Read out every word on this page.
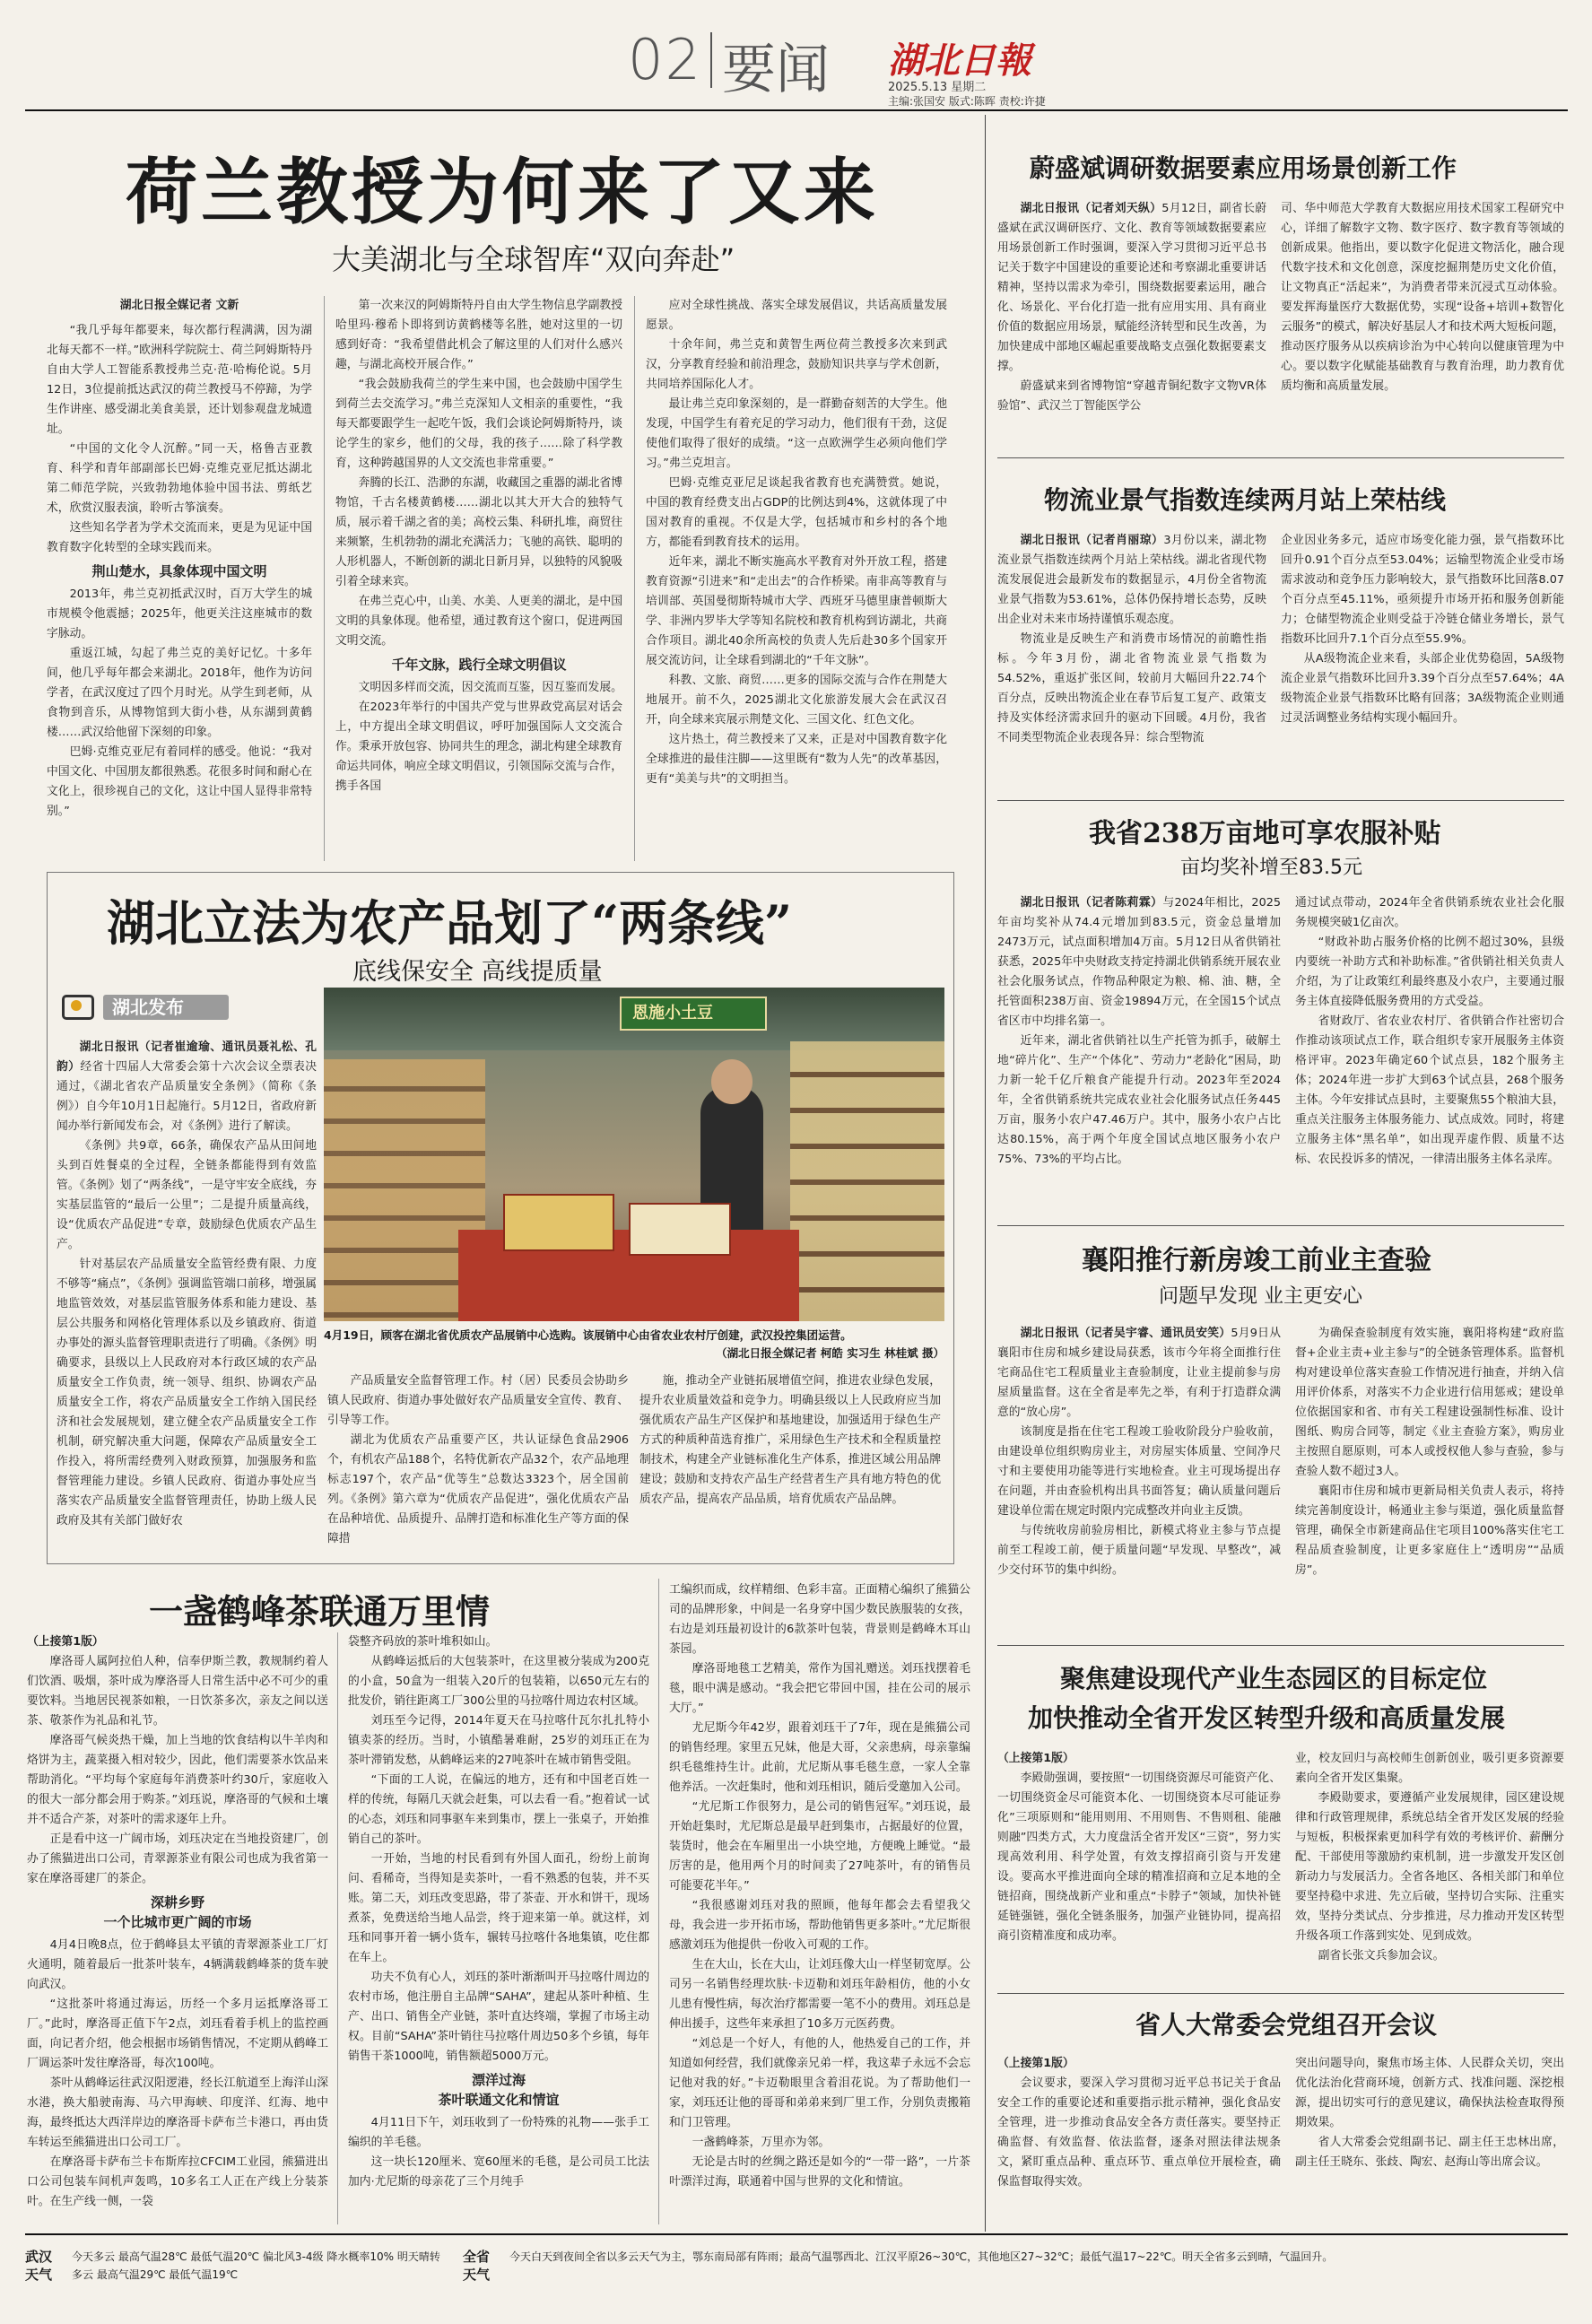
02 要闻 湖北日報
2025.5.13 星期二
主编:张国安 版式:陈晖 责校:许捷
荷兰教授为何来了又来
大美湖北与全球智库“双向奔赴”

湖北日报全媒记者 文新

“我几乎每年都要来，每次都行程满满，因为湖北每天都不一样。”欧洲科学院院士、荷兰阿姆斯特丹自由大学人工智能系教授弗兰克·范·哈梅伦说。5月12日，3位提前抵达武汉的荷兰教授马不停蹄，为学生作讲座、感受湖北美食美景，还计划参观盘龙城遗址。

“中国的文化令人沉醉。”同一天，格鲁吉亚教育、科学和青年部副部长巴姆·克维克亚尼抵达湖北第二师范学院，兴致勃勃地体验中国书法、剪纸艺术，欣赏汉服表演，聆听古筝演奏。

这些知名学者为学术交流而来，更是为见证中国教育数字化转型的全球实践而来。

荆山楚水，具象体现中国文明

2013年，弗兰克初抵武汉时，百万大学生的城市规模令他震撼；2025年，他更关注这座城市的数字脉动。

重返江城，勾起了弗兰克的美好记忆。十多年间，他几乎每年都会来湖北。2018年，他作为访问学者，在武汉度过了四个月时光。从学生到老师，从食物到音乐，从博物馆到大街小巷，从东湖到黄鹤楼……武汉给他留下深刻的印象。

巴姆·克维克亚尼有着同样的感受。他说：“我对中国文化、中国朋友都很熟悉。花很多时间和耐心在文化上，很珍视自己的文化，这让中国人显得非常特别。”

第一次来汉的阿姆斯特丹自由大学生物信息学副教授哈里玛·穆希卜即将到访黄鹤楼等名胜，她对这里的一切感到好奇：“我希望借此机会了解这里的人们对什么感兴趣，与湖北高校开展合作。”

“我会鼓励我荷兰的学生来中国，也会鼓励中国学生到荷兰去交流学习。”弗兰克深知人文相亲的重要性，“我每天都要跟学生一起吃午饭，我们会谈论阿姆斯特丹，谈论学生的家乡，他们的父母，我的孩子……除了科学教育，这种跨越国界的人文交流也非常重要。”

奔腾的长江、浩渺的东湖，收藏国之重器的湖北省博物馆，千古名楼黄鹤楼……湖北以其大开大合的独特气质，展示着千湖之省的美；高校云集、科研扎堆，商贸往来频繁，生机勃勃的湖北充满活力；飞驰的高铁、聪明的人形机器人，不断创新的湖北日新月异，以独特的风貌吸引着全球来宾。

在弗兰克心中，山美、水美、人更美的湖北，是中国文明的具象体现。他希望，通过教育这个窗口，促进两国文明交流。

千年文脉，践行全球文明倡议

文明因多样而交流，因交流而互鉴，因互鉴而发展。

在2023年举行的中国共产党与世界政党高层对话会上，中方提出全球文明倡议，呼吁加强国际人文交流合作。秉承开放包容、协同共生的理念，湖北构建全球教育命运共同体，响应全球文明倡议，引领国际交流与合作，携手各国

应对全球性挑战、落实全球发展倡议，共话高质量发展愿景。

十余年间，弗兰克和黄智生两位荷兰教授多次来到武汉，分享教育经验和前沿理念，鼓励知识共享与学术创新，共同培养国际化人才。

最让弗兰克印象深刻的，是一群勤奋刻苦的大学生。他发现，中国学生有着充足的学习动力，他们很有干劲，这促使他们取得了很好的成绩。“这一点欧洲学生必须向他们学习。”弗兰克坦言。

巴姆·克维克亚尼足谈起我省教育也充满赞赏。她说，中国的教育经费支出占GDP的比例达到4%，这就体现了中国对教育的重视。不仅是大学，包括城市和乡村的各个地方，都能看到教育技术的运用。

近年来，湖北不断实施高水平教育对外开放工程，搭建教育资源“引进来”和“走出去”的合作桥梁。南非高等教育与培训部、英国曼彻斯特城市大学、西班牙马德里康普顿斯大学、非洲内罗毕大学等知名院校和教育机构到访湖北，共商合作项目。湖北40余所高校的负责人先后赴30多个国家开展交流访问，让全球看到湖北的“千年文脉”。

科教、文旅、商贸……更多的国际交流与合作在荆楚大地展开。前不久，2025湖北文化旅游发展大会在武汉召开，向全球来宾展示荆楚文化、三国文化、红色文化。

这片热土，荷兰教授来了又来，正是对中国教育数字化全球推进的最佳注脚——这里既有“数为人先”的改革基因，更有“美美与共”的文明担当。

湖北立法为农产品划了“两条线”
底线保安全 高线提质量
湖北发布

湖北日报讯（记者崔逾瑜、通讯员聂礼松、孔韵）经省十四届人大常委会第十六次会议全票表决通过，《湖北省农产品质量安全条例》（简称《条例》）自今年10月1日起施行。5月12日，省政府新闻办举行新闻发布会，对《条例》进行了解读。

《条例》共9章，66条，确保农产品从田间地头到百姓餐桌的全过程，全链条都能得到有效监管。《条例》划了“两条线”，一是守牢安全底线，夯实基层监管的“最后一公里”；二是提升质量高线，设“优质农产品促进”专章，鼓励绿色优质农产品生产。

针对基层农产品质量安全监管经费有限、力度不够等“痛点”，《条例》强调监管端口前移，增强属地监管效效，对基层监管服务体系和能力建设、基层公共服务和网格化管理体系以及乡镇政府、街道办事处的源头监督管理职责进行了明确。《条例》明确要求，县级以上人民政府对本行政区域的农产品质量安全工作负责，统一领导、组织、协调农产品质量安全工作，将农产品质量安全工作纳入国民经济和社会发展规划，建立健全农产品质量安全工作机制，研究解决重大问题，保障农产品质量安全工作投入，将所需经费列入财政预算，加强服务和监督管理能力建设。乡镇人民政府、街道办事处应当落实农产品质量安全监督管理责任，协助上级人民政府及其有关部门做好农

恩施小土豆
4月19日，顾客在湖北省优质农产品展销中心选购。该展销中心由省农业农村厅创建，武汉投控集团运营。
（湖北日报全媒记者 柯皓 实习生 林桂斌 摄）

产品质量安全监督管理工作。村（居）民委员会协助乡镇人民政府、街道办事处做好农产品质量安全宣传、教育、引导等工作。

湖北为优质农产品重要产区，共认证绿色食品2906个，有机农产品188个，名特优新农产品32个，农产品地理标志197个，农产品“优等生”总数达3323个，居全国前列。《条例》第六章为“优质农产品促进”，强化优质农产品在品种培优、品质提升、品牌打造和标准化生产等方面的保障措

施，推动全产业链拓展增值空间，推进农业绿色发展，提升农业质量效益和竞争力。明确县级以上人民政府应当加强优质农产品生产区保护和基地建设，加强适用于绿色生产方式的种质种苗选育推广，采用绿色生产技术和全程质量控制技术，构建全产业链标准化生产体系，推进区域公用品牌建设；鼓励和支持农产品生产经营者生产具有地方特色的优质农产品，提高农产品品质，培育优质农产品品牌。

一盏鹤峰茶联通万里情

（上接第1版）

摩洛哥人属阿拉伯人种，信奉伊斯兰教，教规制约着人们饮酒、吸烟，茶叶成为摩洛哥人日常生活中必不可少的重要饮料。当地居民视茶如粮，一日饮茶多次，亲友之间以送茶、敬茶作为礼品和礼节。

摩洛哥气候炎热干燥，加上当地的饮食结构以牛羊肉和烙饼为主，蔬菜摄入相对较少，因此，他们需要茶水饮品来帮助消化。“平均每个家庭每年消费茶叶约30斤，家庭收入的很大一部分都会用于购茶。”刘珏说，摩洛哥的气候和土壤并不适合产茶，对茶叶的需求逐年上升。

正是看中这一广阔市场，刘珏决定在当地投资建厂，创办了熊猫进出口公司，青翠源茶业有限公司也成为我省第一家在摩洛哥建厂的茶企。

深耕乡野

一个比城市更广阔的市场

4月4日晚8点，位于鹤峰县太平镇的青翠源茶业工厂灯火通明，随着最后一批茶叶装车，4辆满载鹤峰茶的货车驶向武汉。

“这批茶叶将通过海运，历经一个多月运抵摩洛哥工厂。”此时，摩洛哥正值下午2点，刘珏看着手机上的监控画面，向记者介绍，他会根据市场销售情况，不定期从鹤峰工厂调运茶叶发往摩洛哥，每次100吨。

茶叶从鹤峰运往武汉阳逻港，经长江航道至上海洋山深水港，换大船驶南海、马六甲海峡、印度洋、红海、地中海，最终抵达大西洋岸边的摩洛哥卡萨布兰卡港口，再由货车转运至熊猫进出口公司工厂。

在摩洛哥卡萨布兰卡布斯库拉CFCIM工业园，熊猫进出口公司包装车间机声轰鸣，10多名工人正在产线上分装茶叶。在生产线一侧，一袋

袋整齐码放的茶叶堆积如山。

从鹤峰运抵后的大包装茶叶，在这里被分装成为200克的小盒，50盒为一组装入20斤的包装箱，以650元左右的批发价，销往距离工厂300公里的马拉喀什周边农村区域。

刘珏至今记得，2014年夏天在马拉喀什瓦尔扎扎特小镇卖茶的经历。当时，小镇酷暑难耐，25岁的刘珏正在为茶叶滞销发愁，从鹤峰运来的27吨茶叶在城市销售受阻。

“下面的工人说，在偏远的地方，还有和中国老百姓一样的传统，每隔几天就会赶集，可以去看一看。”抱着试一试的心态，刘珏和同事驱车来到集市，摆上一张桌子，开始推销自己的茶叶。

一开始，当地的村民看到有外国人面孔，纷纷上前询问、看稀奇，当得知是卖茶叶，一看不熟悉的包装，并不买账。第二天，刘珏改变思路，带了茶壶、开水和饼干，现场煮茶，免费送给当地人品尝，终于迎来第一单。就这样，刘珏和同事开着一辆小货车，辗转马拉喀什各地集镇，吃住都在车上。

功夫不负有心人，刘珏的茶叶渐渐叫开马拉喀什周边的农村市场，他注册自主品牌“SAHA”，建起从茶叶种植、生产、出口、销售全产业链，茶叶直达终端，掌握了市场主动权。目前“SAHA”茶叶销往马拉喀什周边50多个乡镇，每年销售干茶1000吨，销售额超5000万元。

漂洋过海

茶叶联通文化和情谊

4月11日下午，刘珏收到了一份特殊的礼物——张手工编织的羊毛毯。

这一块长120厘米、宽60厘米的毛毯，是公司员工比法加内·尤尼斯的母亲花了三个月纯手

工编织而成，纹样精细、色彩丰富。正面精心编织了熊猫公司的品牌形象，中间是一名身穿中国少数民族服装的女孩，右边是刘珏最初设计的6款茶叶包装，背景则是鹤峰木耳山茶园。

摩洛哥地毯工艺精美，常作为国礼赠送。刘珏找摆着毛毯，眼中满是感动。“我会把它带回中国，挂在公司的展示大厅。”

尤尼斯今年42岁，跟着刘珏干了7年，现在是熊猫公司的销售经理。家里五兄妹，他是大哥，父亲患病，母亲靠编织毛毯维持生计。此前，尤尼斯从事毛毯生意，一家人全靠他养活。一次赶集时，他和刘珏相识，随后受邀加入公司。

“尤尼斯工作很努力，是公司的销售冠军。”刘珏说，最开始赶集时，尤尼斯总是最早赶到集市，占据最好的位置，装货时，他会在车厢里出一小块空地，方便晚上睡觉。“最厉害的是，他用两个月的时间卖了27吨茶叶，有的销售员可能要花半年。”

“我很感谢刘珏对我的照顾，他每年都会去看望我父母，我会进一步开拓市场，帮助他销售更多茶叶。”尤尼斯很感激刘珏为他提供一份收入可观的工作。

生在大山，长在大山，让刘珏像大山一样坚韧宽厚。公司另一名销售经理坎肤·卡迈勒和刘珏年龄相仿，他的小女儿患有慢性病，每次治疗都需要一笔不小的费用。刘珏总是伸出援手，这些年来承担了10多万元医药费。

“刘总是一个好人，有他的人，他热爱自己的工作，并知道如何经营，我们就像亲兄弟一样，我这辈子永远不会忘记他对我的好。”卡迈勒眼里含着泪花说。为了帮助他们一家，刘珏还让他的哥哥和弟弟来到厂里工作，分别负责搬箱和门卫管理。

一盏鹤峰茶，万里亦为邻。

无论是古时的丝绸之路还是如今的“一带一路”，一片茶叶漂洋过海，联通着中国与世界的文化和情谊。

蔚盛斌调研数据要素应用场景创新工作

湖北日报讯（记者刘天纵）5月12日，副省长蔚盛斌在武汉调研医疗、文化、教育等领域数据要素应用场景创新工作时强调，要深入学习贯彻习近平总书记关于数字中国建设的重要论述和考察湖北重要讲话精神，坚持以需求为牵引，围绕数据要素运用，融合化、场景化、平台化打造一批有应用实用、具有商业价值的数据应用场景，赋能经济转型和民生改善，为加快建成中部地区崛起重要战略支点强化数据要素支撑。

蔚盛斌来到省博物馆“穿越青铜纪数字文物VR体验馆”、武汉兰丁智能医学公

司、华中师范大学教育大数据应用技术国家工程研究中心，详细了解数字文物、数字医疗、数字教育等领域的创新成果。他指出，要以数字化促进文物活化，融合现代数字技术和文化创意，深度挖掘荆楚历史文化价值，让文物真正“活起来”，为消费者带来沉浸式互动体验。要发挥海量医疗大数据优势，实现“设备+培训+数智化云服务”的模式，解决好基层人才和技术两大短板问题，推动医疗服务从以疾病诊治为中心转向以健康管理为中心。要以数字化赋能基础教育与教育治理，助力教育优质均衡和高质量发展。

物流业景气指数连续两月站上荣枯线

湖北日报讯（记者肖丽琼）3月份以来，湖北物流业景气指数连续两个月站上荣枯线。湖北省现代物流发展促进会最新发布的数据显示，4月份全省物流业景气指数为53.61%，总体仍保持增长态势，反映出企业对未来市场持谨慎乐观态度。

物流业是反映生产和消费市场情况的前瞻性指标。今年3月份，湖北省物流业景气指数为54.52%，重返扩张区间，较前月大幅回升22.74个百分点，反映出物流企业在春节后复工复产、政策支持及实体经济需求回升的驱动下回暖。4月份，我省不同类型物流企业表现各异：综合型物流

企业因业务多元，适应市场变化能力强，景气指数环比回升0.91个百分点至53.04%；运输型物流企业受市场需求波动和竞争压力影响较大，景气指数环比回落8.07个百分点至45.11%，亟须提升市场开拓和服务创新能力；仓储型物流企业则受益于冷链仓储业务增长，景气指数环比回升7.1个百分点至55.9%。

从A级物流企业来看，头部企业优势稳固，5A级物流企业景气指数环比回升3.39个百分点至57.64%；4A级物流企业景气指数环比略有回落；3A级物流企业则通过灵活调整业务结构实现小幅回升。

我省238万亩地可享农服补贴
亩均奖补增至83.5元

湖北日报讯（记者陈莉霖）与2024年相比，2025年亩均奖补从74.4元增加到83.5元，资金总量增加2473万元，试点面积增加4万亩。5月12日从省供销社获悉，2025年中央财政支持定持湖北供销系统开展农业社会化服务试点，作物品种限定为粮、棉、油、糖，全托管面积238万亩、资金19894万元，在全国15个试点省区市中均排名第一。

近年来，湖北省供销社以生产托管为抓手，破解土地“碎片化”、生产“个体化”、劳动力“老龄化”困局，助力新一轮千亿斤粮食产能提升行动。2023年至2024年，全省供销系统共完成农业社会化服务试点任务445万亩，服务小农户47.46万户。其中，服务小农户占比达80.15%，高于两个年度全国试点地区服务小农户75%、73%的平均占比。

通过试点带动，2024年全省供销系统农业社会化服务规模突破1亿亩次。

“财政补助占服务价格的比例不超过30%，县级内要统一补助方式和补助标准。”省供销社相关负责人介绍，为了让政策红利最终惠及小农户，主要通过服务主体直接降低服务费用的方式受益。

省财政厅、省农业农村厅、省供销合作社密切合作推动该项试点工作，联合组织专家开展服务主体资格评审。2023年确定60个试点县，182个服务主体；2024年进一步扩大到63个试点县，268个服务主体。今年安排试点县时，主要聚焦55个粮油大县，重点关注服务主体服务能力、试点成效。同时，将建立服务主体“黑名单”，如出现弄虚作假、质量不达标、农民投诉多的情况，一律清出服务主体名录库。

襄阳推行新房竣工前业主查验
问题早发现 业主更安心

湖北日报讯（记者吴宇睿、通讯员安笑）5月9日从襄阳市住房和城乡建设局获悉，该市今年将全面推行住宅商品住宅工程质量业主查验制度，让业主提前参与房屋质量监督。这在全省是率先之举，有利于打造群众满意的“放心房”。

该制度是指在住宅工程竣工验收阶段分户验收前，由建设单位组织购房业主，对房屋实体质量、空间净尺寸和主要使用功能等进行实地检查。业主可现场提出存在问题，并由查验机构出具书面答复；确认质量问题后建设单位需在规定时限内完成整改并向业主反馈。

与传统收房前验房相比，新模式将业主参与节点提前至工程竣工前，便于质量问题“早发现、早整改”，减少交付环节的集中纠纷。

为确保查验制度有效实施，襄阳将构建“政府监督+企业主责+业主参与”的全链条管理体系。监督机构对建设单位落实查验工作情况进行抽查，并纳入信用评价体系，对落实不力企业进行信用惩戒；建设单位依据国家和省、市有关工程建设强制性标准、设计图纸、购房合同等，制定《业主查验方案》，购房业主按照自愿原则，可本人或授权他人参与查验，参与查验人数不超过3人。

襄阳市住房和城市更新局相关负责人表示，将持续完善制度设计，畅通业主参与渠道，强化质量监督管理，确保全市新建商品住宅项目100%落实住宅工程品质查验制度，让更多家庭住上“透明房”“品质房”。

聚焦建设现代产业生态园区的目标定位
加快推动全省开发区转型升级和高质量发展

（上接第1版）

李殿勋强调，要按照“一切围绕资源尽可能资产化、一切围绕资金尽可能资本化、一切围绕资本尽可能证券化”三项原则和“能用则用、不用则售、不售则租、能融则融”四类方式，大力度盘活全省开发区“三资”，努力实现高效利用、科学处置，有效支撑招商引资与开发建设。要高水平推进面向全球的精准招商和立足本地的全链招商，围绕战新产业和重点“卡脖子”领域，加快补链延链强链，强化全链条服务，加强产业链协同，提高招商引资精准度和成功率。

业，校友回归与高校师生创新创业，吸引更多资源要素向全省开发区集聚。

李殿勋要求，要遵循产业发展规律，园区建设规律和行政管理规律，系统总结全省开发区发展的经验与短板，积极探索更加科学有效的考核评价、薪酬分配、干部使用等激励约束机制，进一步激发开发区创新动力与发展活力。全省各地区、各相关部门和单位要坚持稳中求进、先立后破，坚持切合实际、注重实效，坚持分类试点、分步推进，尽力推动开发区转型升级各项工作落到实处、见到成效。

副省长张文兵参加会议。

省人大常委会党组召开会议

（上接第1版）

会议要求，要深入学习贯彻习近平总书记关于食品安全工作的重要论述和重要指示批示精神，强化食品安全管理，进一步推动食品安全各方责任落实。要坚持正确监督、有效监督、依法监督，逐条对照法律法规条文，紧盯重点品种、重点环节、重点单位开展检查，确保监督取得实效。

突出问题导向，聚焦市场主体、人民群众关切，突出优化法治化营商环境，创新方式、找准问题、深挖根源，提出切实可行的意见建议，确保执法检查取得预期效果。

省人大常委会党组副书记、副主任王忠林出席，副主任王晓东、张歧、陶宏、赵海山等出席会议。

武汉 天气
今天多云 最高气温28℃ 最低气温20℃ 偏北风3-4级 降水概率10% 明天晴转多云 最高气温29℃ 最低气温19℃
全省 天气
今天白天到夜间全省以多云天气为主，鄂东南局部有阵雨；最高气温鄂西北、江汉平原26~30℃，其他地区27~32℃；最低气温17~22℃。明天全省多云到晴，气温回升。
